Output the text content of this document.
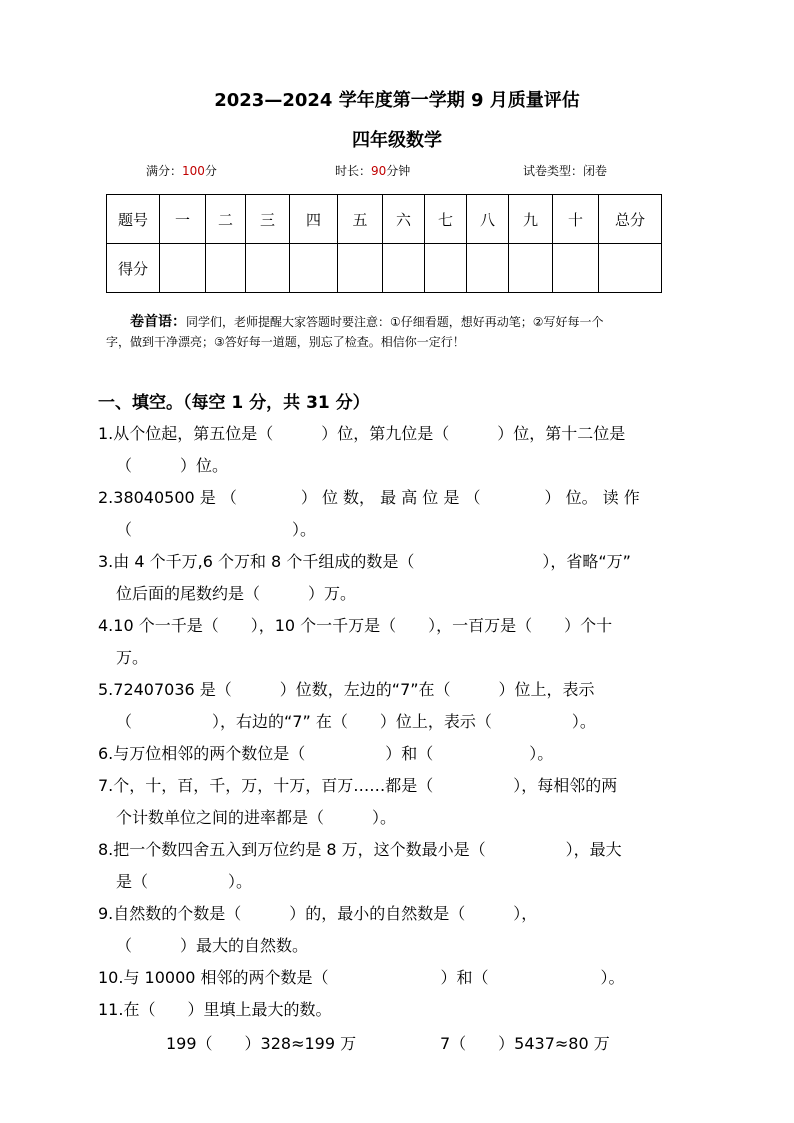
2023—2024 学年度第一学期 9 月质量评估
四年级数学
满分：100分	时长：90分钟	试卷类型：闭卷
题号	一	二	三	四	五	六	七	八	九	十	总分
得分											
卷首语：同学们，老师提醒大家答题时要注意：①仔细看题，想好再动笔；②写好每一个
字，做到干净漂亮；③答好每一道题，别忘了检查。相信你一定行！
一、填空。（每空 1 分，共 31 分）
1.从个位起，第五位是（　　　）位，第九位是（　　　）位，第十二位是
（　　　）位。
2.38040500 是 （　　　　） 位 数， 最 高 位 是 （　　　　） 位。 读 作
（　　　　　　　　　　）。
3.由 4 个千万,6 个万和 8 个千组成的数是（　　　　　　　　），省略“万”
位后面的尾数约是（　　　）万。
4.10 个一千是（　　），10 个一千万是（　　），一百万是（　　）个十
万。
5.72407036 是（　　　）位数，左边的“7”在（　　　）位上，表示
（　　　　　），右边的“7” 在（　　）位上，表示（　　　　　）。
6.与万位相邻的两个数位是（　　　　　）和（　　　　　　）。
7.个，十，百，千，万，十万，百万……都是（　　　　　），每相邻的两
个计数单位之间的进率都是（　　　）。
8.把一个数四舍五入到万位约是 8 万，这个数最小是（　　　　　），最大
是（　　　　　）。
9.自然数的个数是（　　　）的，最小的自然数是（　　　），
（　　　）最大的自然数。
10.与 10000 相邻的两个数是（　　　　　　　）和（　　　　　　　）。
11.在（　　）里填上最大的数。
199（　　）328≈199 万	7（　　）5437≈80 万
